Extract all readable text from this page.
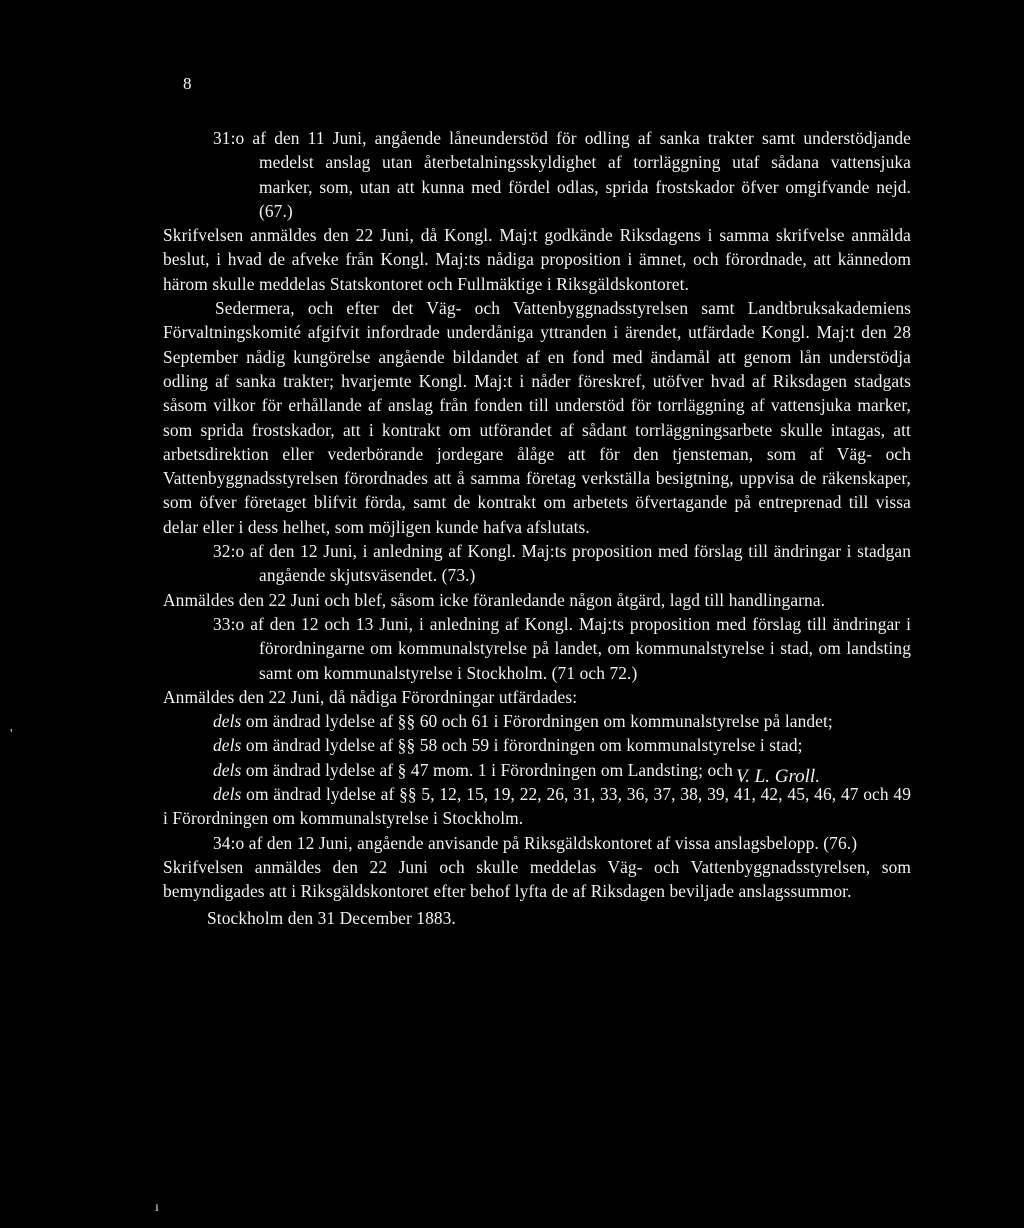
8

31:o af den 11 Juni, angående låneunderstöd för odling af sanka trakter samt understödjande medelst anslag utan återbetalningsskyldighet af torrläggning utaf sådana vattensjuka marker, som, utan att kunna med fördel odlas, sprida frostskador öfver omgifvande nejd. (67.)

Skrifvelsen anmäldes den 22 Juni, då Kongl. Maj:t godkände Riksdagens i samma skrifvelse anmälda beslut, i hvad de afveke från Kongl. Maj:ts nådiga proposition i ämnet, och förordnade, att kännedom härom skulle meddelas Statskontoret och Fullmäktige i Riksgäldskontoret.

Sedermera, och efter det Väg- och Vattenbyggnadsstyrelsen samt Landtbruksakademiens Förvaltningskomité afgifvit infordrade underdåniga yttranden i ärendet, utfärdade Kongl. Maj:t den 28 September nådig kungörelse angående bildandet af en fond med ändamål att genom lån understödja odling af sanka trakter; hvarjemte Kongl. Maj:t i nåder föreskref, utöfver hvad af Riksdagen stadgats såsom vilkor för erhållande af anslag från fonden till understöd för torrläggning af vattensjuka marker, som sprida frostskador, att i kontrakt om utförandet af sådant torrläggningsarbete skulle intagas, att arbetsdirektion eller vederbörande jordegare ålåge att för den tjensteman, som af Väg- och Vattenbyggnadsstyrelsen förordnades att å samma företag verkställa besigtning, uppvisa de räkenskaper, som öfver företaget blifvit förda, samt de kontrakt om arbetets öfvertagande på entreprenad till vissa delar eller i dess helhet, som möjligen kunde hafva afslutats.

32:o af den 12 Juni, i anledning af Kongl. Maj:ts proposition med förslag till ändringar i stadgan angående skjutsväsendet. (73.)

Anmäldes den 22 Juni och blef, såsom icke föranledande någon åtgärd, lagd till handlingarna.

33:o af den 12 och 13 Juni, i anledning af Kongl. Maj:ts proposition med förslag till ändringar i förordningarne om kommunalstyrelse på landet, om kommunalstyrelse i stad, om landsting samt om kommunalstyrelse i Stockholm. (71 och 72.)

Anmäldes den 22 Juni, då nådiga Förordningar utfärdades:

dels om ändrad lydelse af §§ 60 och 61 i Förordningen om kommunalstyrelse på landet;

dels om ändrad lydelse af §§ 58 och 59 i förordningen om kommunalstyrelse i stad;

dels om ändrad lydelse af § 47 mom. 1 i Förordningen om Landsting; och

dels om ändrad lydelse af §§ 5, 12, 15, 19, 22, 26, 31, 33, 36, 37, 38, 39, 41, 42, 45, 46, 47 och 49 i Förordningen om kommunalstyrelse i Stockholm.

34:o af den 12 Juni, angående anvisande på Riksgäldskontoret af vissa anslagsbelopp. (76.)

Skrifvelsen anmäldes den 22 Juni och skulle meddelas Väg- och Vattenbyggnadsstyrelsen, som bemyndigades att i Riksgäldskontoret efter behof lyfta de af Riksdagen beviljade anslagssummor.

Stockholm den 31 December 1883.

V. L. Groll.
'
ı
